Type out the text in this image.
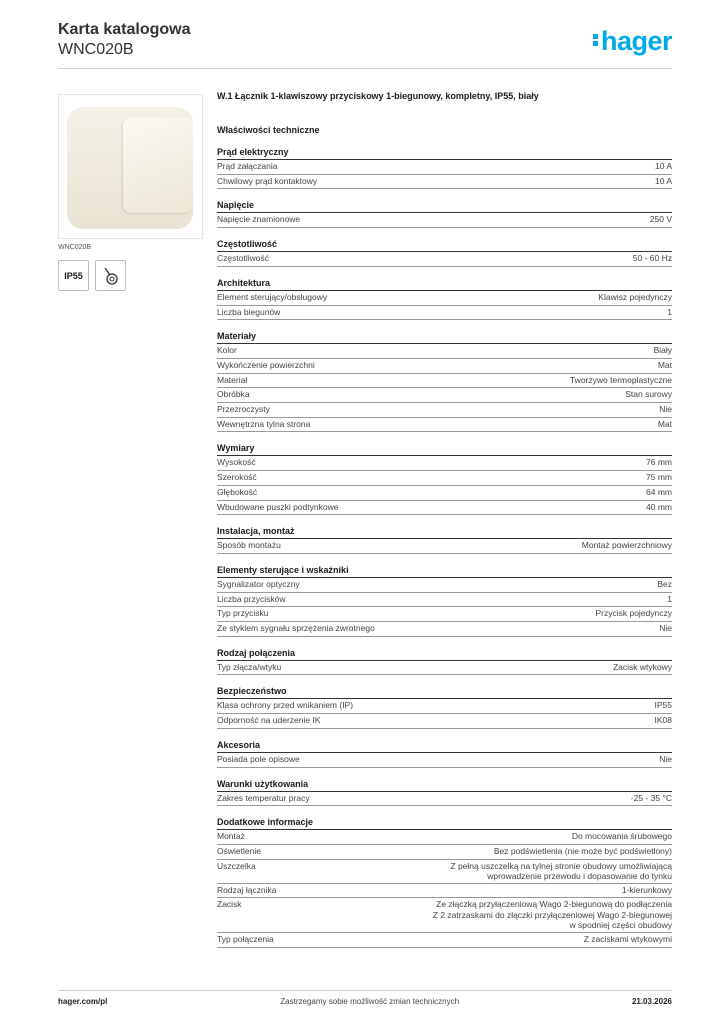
Karta katalogowa
WNC020B	hager
WNC020B
IP55
W.1 Łącznik 1-klawiszowy przyciskowy 1-biegunowy, kompletny, IP55, biały
Właściwości techniczne
Prąd elektryczny
Prąd załączania	10 A
Chwilowy prąd kontaktowy	10 A
Napięcie
Napięcie znamionowe	250 V
Częstotliwość
Częstotliwość	50 - 60 Hz
Architektura
Element sterujący/obsługowy	Klawisz pojedynczy
Liczba biegunów	1
Materiały
Kolor	Biały
Wykończenie powierzchni	Mat
Materiał	Tworzywo termoplastyczne
Obróbka	Stan surowy
Przezroczysty	Nie
Wewnętrzna tylna strona	Mat
Wymiary
Wysokość	76 mm
Szerokość	75 mm
Głębokość	64 mm
Wbudowane puszki podtynkowe	40 mm
Instalacja, montaż
Sposób montażu	Montaż powierzchniowy
Elementy sterujące i wskaźniki
Sygnalizator optyczny	Bez
Liczba przycisków	1
Typ przycisku	Przycisk pojedynczy
Ze stykiem sygnału sprzężenia zwrotnego	Nie
Rodzaj połączenia
Typ złącza/wtyku	Zacisk wtykowy
Bezpieczeństwo
Klasa ochrony przed wnikaniem (IP)	IP55
Odporność na uderzenie IK	IK08
Akcesoria
Posiada pole opisowe	Nie
Warunki użytkowania
Zakres temperatur pracy	-25 - 35 °C
Dodatkowe informacje
Montaż	Do mocowania śrubowego
Oświetlenie	Bez podświetlenia (nie może być podświetlony)
Uszczelka	Z pełną uszczelką na tylnej stronie obudowy umożliwiającą
wprowadzenie przewodu i dopasowanie do tynku
Rodzaj łącznika	1-kierunkowy
Zacisk	Ze złączką przyłączeniową Wago 2-biegunową do podłączenia
Z 2 zatrzaskami do złączki przyłączeniowej Wago 2-biegunowej
w spodniej części obudowy
Typ połączenia	Z zaciskami wtykowymi
hager.com/pl	Zastrzegamy sobie możliwość zmian technicznych	21.03.2026
